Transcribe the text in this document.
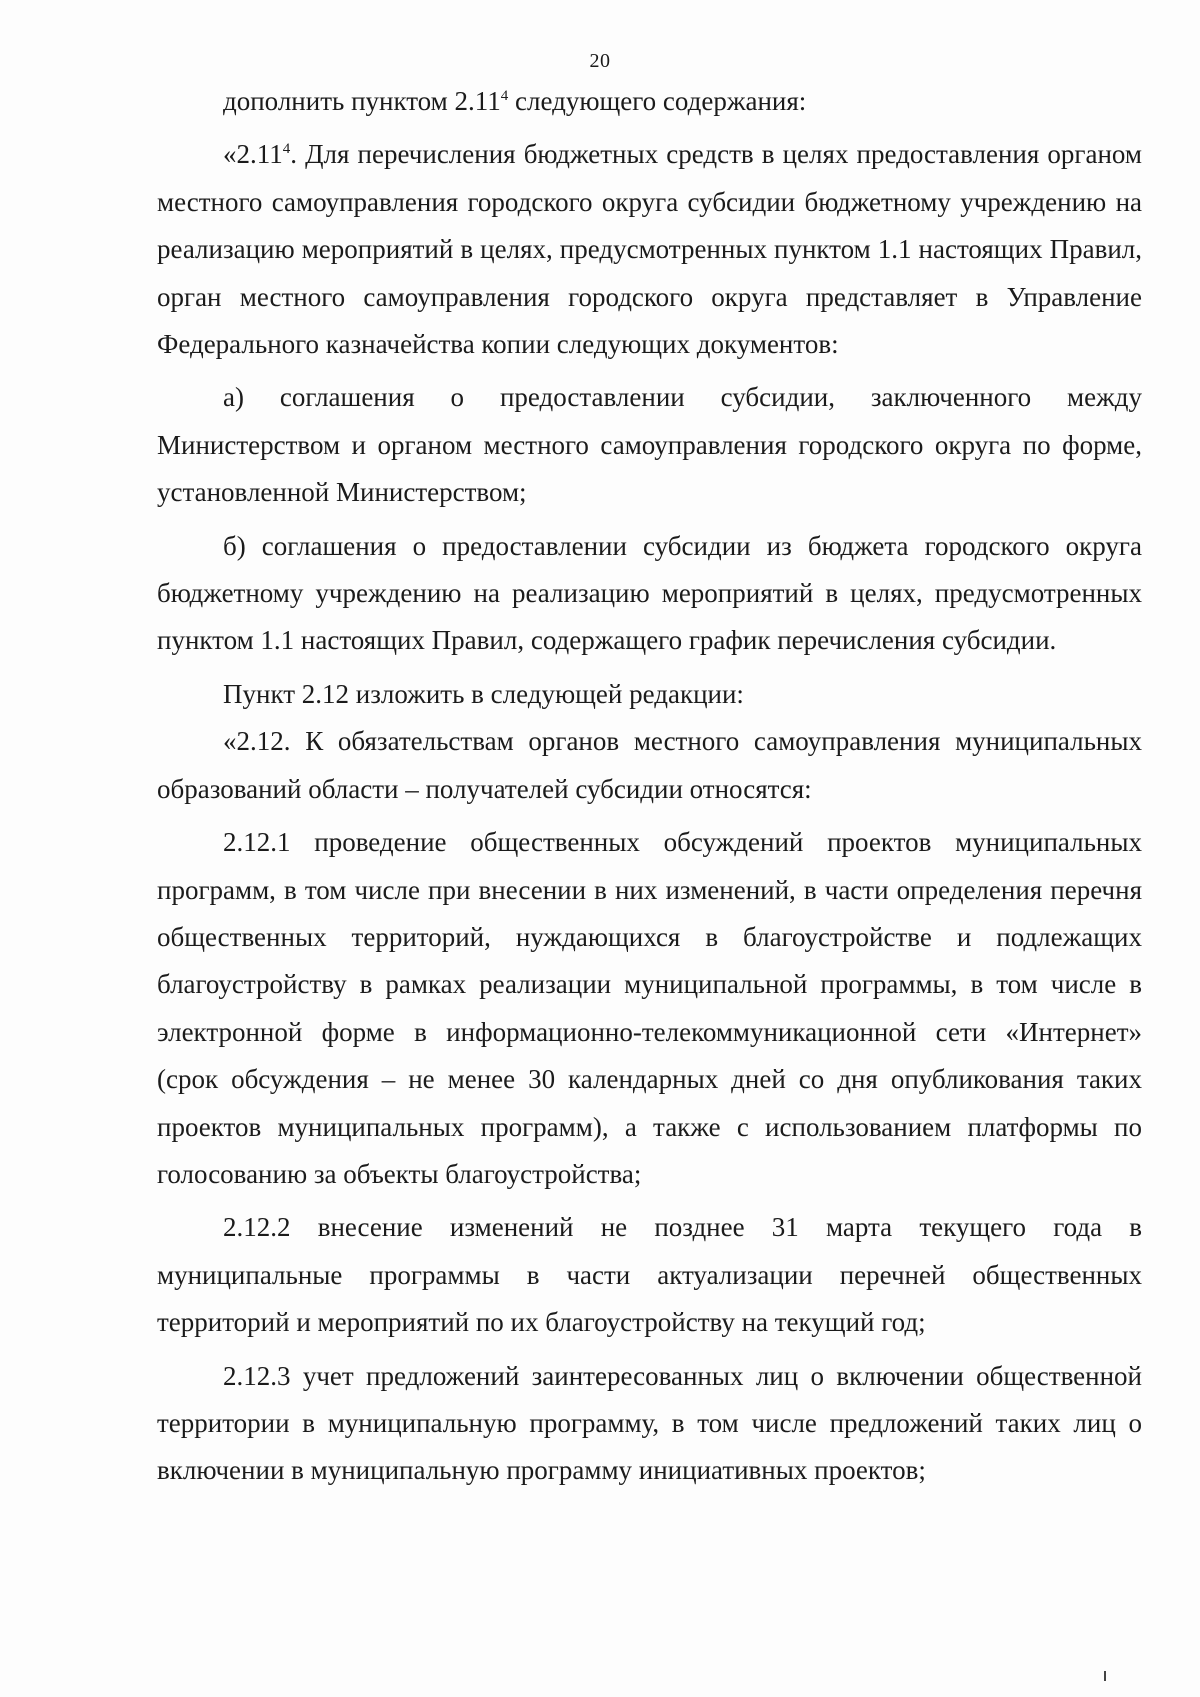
20

дополнить пунктом 2.11$^4$ следующего содержания:

«2.11$^4$. Для перечисления бюджетных средств в целях предоставления органом местного самоуправления городского округа субсидии бюджетному учреждению на реализацию мероприятий в целях, предусмотренных пунктом 1.1 настоящих Правил, орган местного самоуправления городского округа представляет в Управление Федерального казначейства копии следующих документов:

а) соглашения о предоставлении субсидии, заключенного между Министерством и органом местного самоуправления городского округа по форме, установленной Министерством;

б) соглашения о предоставлении субсидии из бюджета городского округа бюджетному учреждению на реализацию мероприятий в целях, предусмотренных пунктом 1.1 настоящих Правил, содержащего график перечисления субсидии.

Пункт 2.12 изложить в следующей редакции:

«2.12. К обязательствам органов местного самоуправления муниципальных образований области – получателей субсидии относятся:

2.12.1 проведение общественных обсуждений проектов муниципальных программ, в том числе при внесении в них изменений, в части определения перечня общественных территорий, нуждающихся в благоустройстве и подлежащих благоустройству в рамках реализации муниципальной программы, в том числе в электронной форме в информационно-телекоммуникационной сети «Интернет» (срок обсуждения – не менее 30 календарных дней со дня опубликования таких проектов муниципальных программ), а также с использованием платформы по голосованию за объекты благоустройства;

2.12.2 внесение изменений не позднее 31 марта текущего года в муниципальные программы в части актуализации перечней общественных территорий и мероприятий по их благоустройству на текущий год;

2.12.3 учет предложений заинтересованных лиц о включении общественной территории в муниципальную программу, в том числе предложений таких лиц о включении в муниципальную программу инициативных проектов;
